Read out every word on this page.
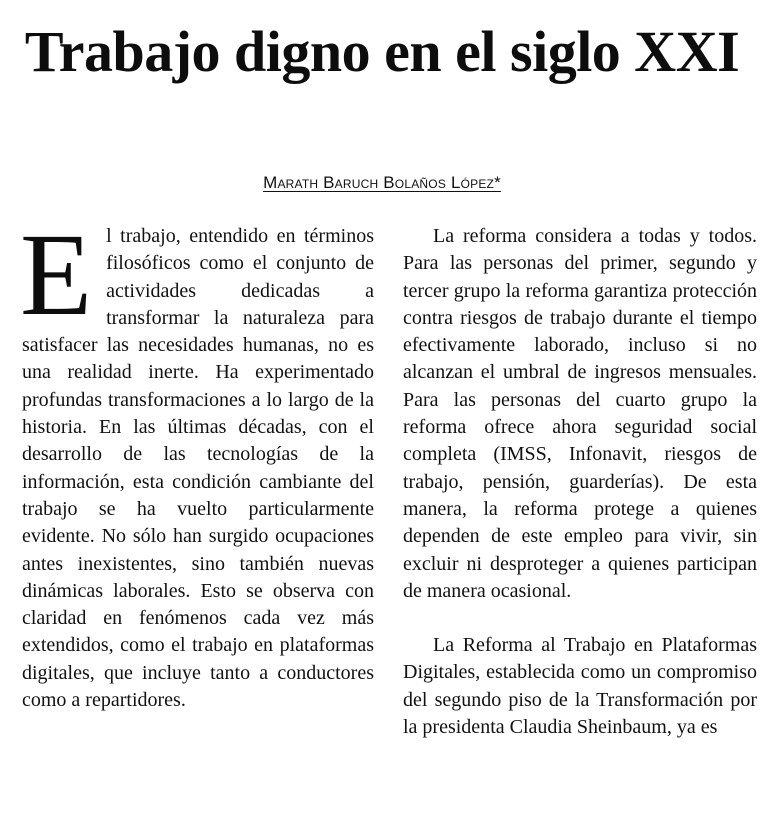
Trabajo digno en el siglo XXI
Marath Baruch Bolaños López*

El trabajo, entendido en términos filosóficos como el conjunto de actividades dedicadas a transformar la naturaleza para satisfacer las necesidades humanas, no es una realidad inerte. Ha experimentado profundas transformaciones a lo largo de la historia. En las últimas décadas, con el desarrollo de las tecnologías de la información, esta condición cambiante del trabajo se ha vuelto particularmente evidente. No sólo han surgido ocupaciones antes inexistentes, sino también nuevas dinámicas laborales. Esto se observa con claridad en fenómenos cada vez más extendidos, como el trabajo en plataformas digitales, que incluye tanto a conductores como a repartidores.

La reforma considera a todas y todos. Para las personas del primer, segundo y tercer grupo la reforma garantiza protección contra riesgos de trabajo durante el tiempo efectivamente laborado, incluso si no alcanzan el umbral de ingresos mensuales. Para las personas del cuarto grupo la reforma ofrece ahora seguridad social completa (IMSS, Infonavit, riesgos de trabajo, pensión, guarderías). De esta manera, la reforma protege a quienes dependen de este empleo para vivir, sin excluir ni desproteger a quienes participan de manera ocasional.

La Reforma al Trabajo en Plataformas Digitales, establecida como un compromiso del segundo piso de la Transformación por la presidenta Claudia Sheinbaum, ya es
